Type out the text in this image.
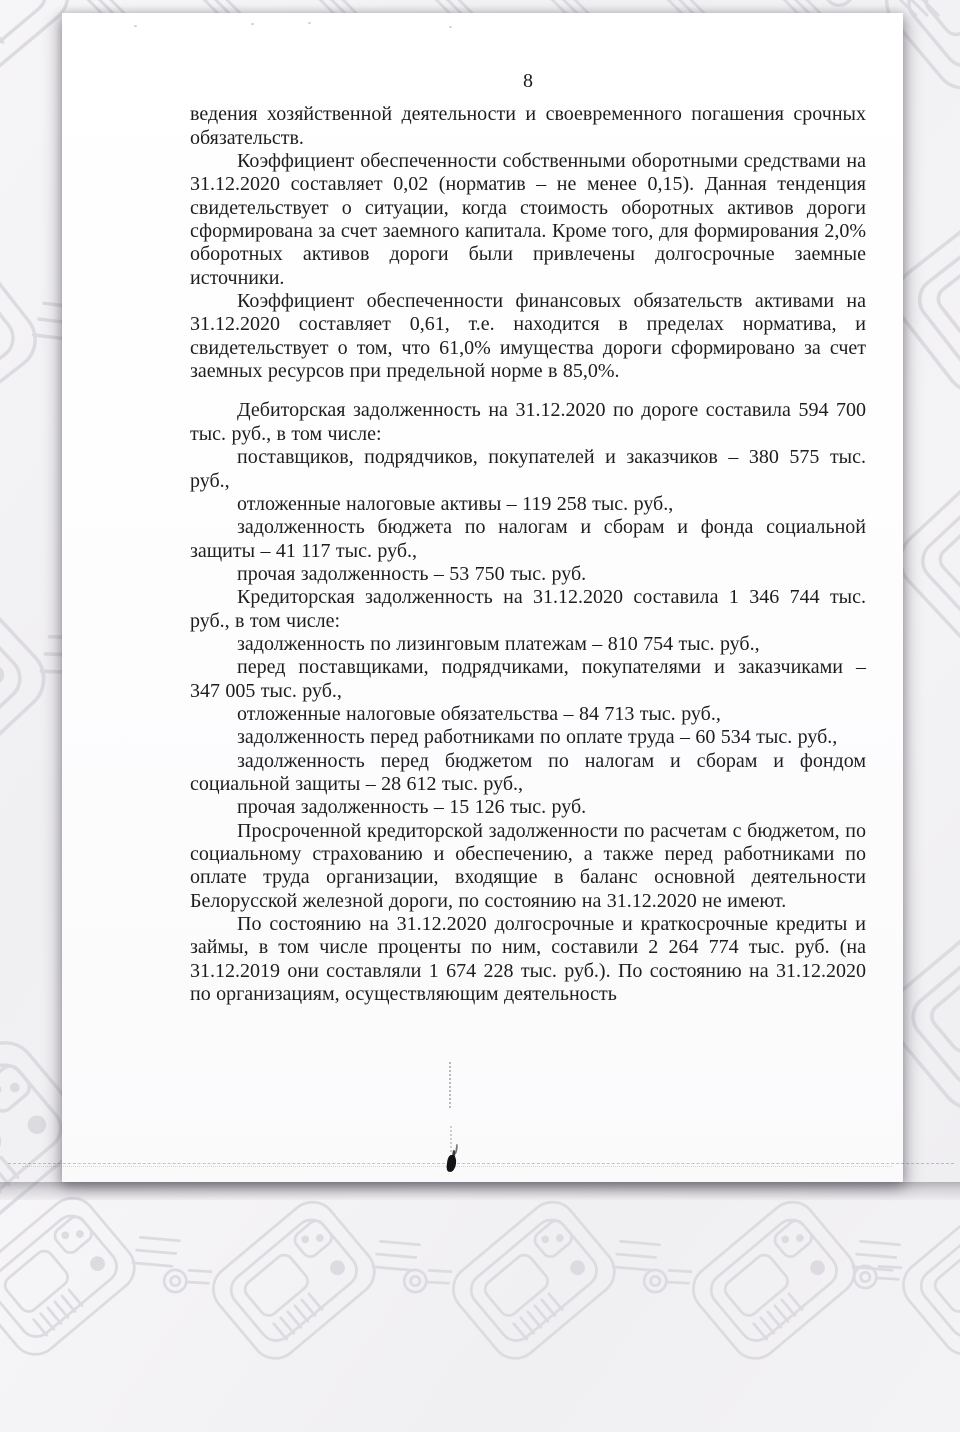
8

ведения хозяйственной деятельности и своевременного погашения срочных обязательств.

Коэффициент обеспеченности собственными оборотными средствами на 31.12.2020 составляет 0,02 (норматив – не менее 0,15). Данная тенденция свидетельствует о ситуации, когда стоимость оборотных активов дороги сформирована за счет заемного капитала. Кроме того, для формирования 2,0% оборотных активов дороги были привлечены долгосрочные заемные источники.

Коэффициент обеспеченности финансовых обязательств активами на 31.12.2020 составляет 0,61, т.е. находится в пределах норматива, и свидетельствует о том, что 61,0% имущества дороги сформировано за счет заемных ресурсов при предельной норме в 85,0%.

Дебиторская задолженность на 31.12.2020 по дороге составила 594 700 тыс. руб., в том числе:

поставщиков, подрядчиков, покупателей и заказчиков – 380 575 тыс. руб.,

отложенные налоговые активы – 119 258 тыс. руб.,

задолженность бюджета по налогам и сборам и фонда социальной защиты – 41 117 тыс. руб.,

прочая задолженность – 53 750 тыс. руб.

Кредиторская задолженность на 31.12.2020 составила 1 346 744 тыс. руб., в том числе:

задолженность по лизинговым платежам – 810 754 тыс. руб.,

перед поставщиками, подрядчиками, покупателями и заказчиками – 347 005 тыс. руб.,

отложенные налоговые обязательства – 84 713 тыс. руб.,

задолженность перед работниками по оплате труда – 60 534 тыс. руб.,

задолженность перед бюджетом по налогам и сборам и фондом социальной защиты – 28 612 тыс. руб.,

прочая задолженность – 15 126 тыс. руб.

Просроченной кредиторской задолженности по расчетам с бюджетом, по социальному страхованию и обеспечению, а также перед работниками по оплате труда организации, входящие в баланс основной деятельности Белорусской железной дороги, по состоянию на 31.12.2020 не имеют.

По состоянию на 31.12.2020 долгосрочные и краткосрочные кредиты и займы, в том числе проценты по ним, составили 2 264 774 тыс. руб. (на 31.12.2019 они составляли 1 674 228 тыс. руб.). По состоянию на 31.12.2020 по организациям, осуществляющим деятельность
